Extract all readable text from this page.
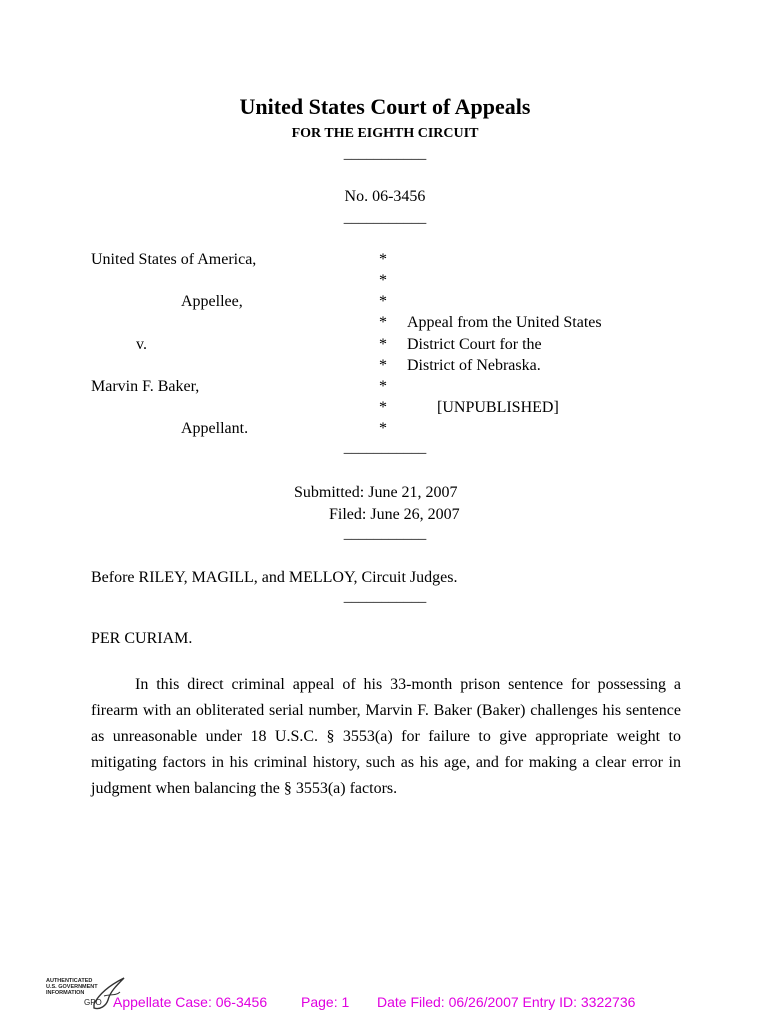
United States Court of Appeals
FOR THE EIGHTH CIRCUIT
___________
No. 06-3456
___________
United States of America,
Appellee,
v.
Marvin F. Baker,
Appellant.
*
*
*
*
*
*
*
*
*
Appeal from the United States
District Court for the
District of Nebraska.
[UNPUBLISHED]
___________
Submitted: June 21, 2007
Filed: June 26, 2007
___________
Before RILEY, MAGILL, and MELLOY, Circuit Judges.
___________
PER CURIAM.
In this direct criminal appeal of his 33-month prison sentence for possessing a firearm with an obliterated serial number, Marvin F. Baker (Baker) challenges his sentence as unreasonable under 18 U.S.C. § 3553(a) for failure to give appropriate weight to mitigating factors in his criminal history, such as his age, and for making a clear error in judgment when balancing the § 3553(a) factors.
AUTHENTICATED
U.S. GOVERNMENT
INFORMATION
GPO Appellate Case: 06-3456 Page: 1 Date Filed: 06/26/2007 Entry ID: 3322736
